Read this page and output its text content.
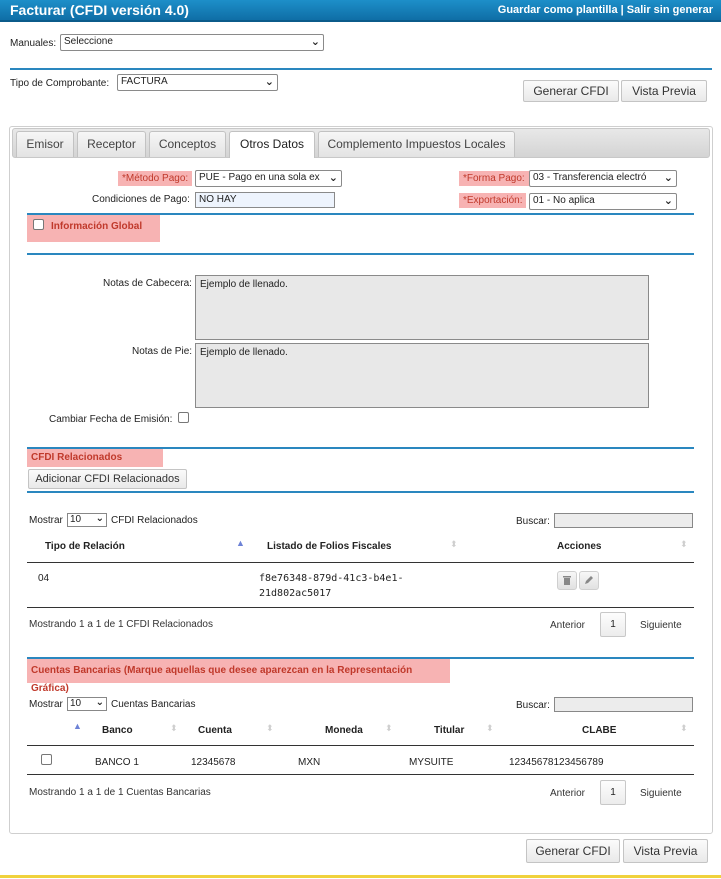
Facturar (CFDI versión 4.0)	Guardar como plantilla | Salir sin generar
Manuales: Seleccione	⌄
Tipo de Comprobante:	FACTURA	⌄
Generar CFDI	Vista Previa
Emisor	Receptor	Conceptos	Otros Datos	Complemento Impuestos Locales
*Método Pago:	PUE - Pago en una sola ex ⌄	*Forma Pago: 03 - Transferencia electró ⌄
Condiciones de Pago: NO HAY	*Exportación:	01 - No aplica	⌄
Información Global
Notas de Cabecera: Ejemplo de llenado.
Notas de Pie: Ejemplo de llenado.
Cambiar Fecha de Emisión:
CFDI Relacionados
Adicionar CFDI Relacionados
Mostrar 10 ⌄ CFDI Relacionados	Buscar:
Tipo de Relación	▲ Listado de Folios Fiscales	⬍	Acciones	⬍
04	f8e76348-879d-41c3-b4e1-
21d802ac5017
Mostrando 1 a 1 de 1 CFDI Relacionados	Anterior	1	Siguiente
Cuentas Bancarias (Marque aquellas que desee aparezcan en la Representación Gráfica)
Mostrar 10 ⌄ Cuentas Bancarias	Buscar:
▲ Banco	⬍ Cuenta	⬍	Moneda ⬍	Titular ⬍	CLABE	⬍
BANCO 1	12345678	MXN	MYSUITE	12345678123456789
Mostrando 1 a 1 de 1 Cuentas Bancarias	Anterior	1	Siguiente
Generar CFDI	Vista Previa
